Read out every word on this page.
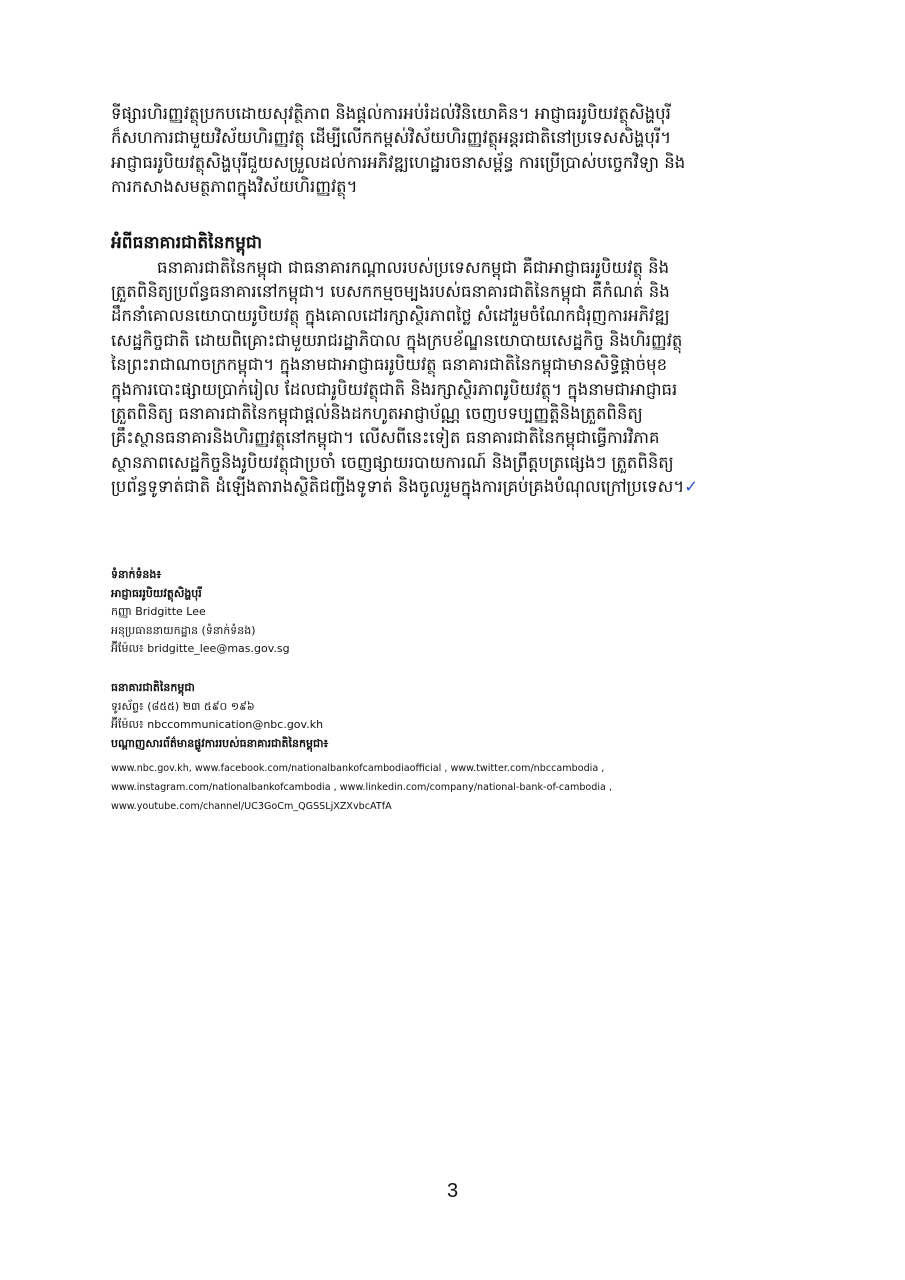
ទីផ្សារហិរញ្ញវត្ថុប្រកបដោយសុវត្ថិភាព និងផ្តល់ការអប់រំដល់វិនិយោគិន។ អាជ្ញាធររូបិយវត្ថុសិង្ហបុរី
ក៏សហការជាមួយវិស័យហិរញ្ញវត្ថុ ដើម្បីលើកកម្ពស់វិស័យហិរញ្ញវត្ថុអន្តរជាតិនៅប្រទេសសិង្ហបុរី។
អាជ្ញាធររូបិយវត្ថុសិង្ហបុរីជួយសម្រួលដល់ការអភិវឌ្ឍហេដ្ឋារចនាសម្ព័ន្ធ ការប្រើប្រាស់បច្ចេកវិទ្យា និង
ការកសាងសមត្ថភាពក្នុងវិស័យហិរញ្ញវត្ថុ។
អំពីធនាគារជាតិនៃកម្ពុជា
ធនាគារជាតិនៃកម្ពុជា ជាធនាគារកណ្តាលរបស់ប្រទេសកម្ពុជា គឺជាអាជ្ញាធររូបិយវត្ថុ និង
ត្រួតពិនិត្យប្រព័ន្ធធនាគារនៅកម្ពុជា។ បេសកកម្មចម្បងរបស់ធនាគារជាតិនៃកម្ពុជា គឺកំណត់ និង
ដឹកនាំគោលនយោបាយរូបិយវត្ថុ ក្នុងគោលដៅរក្សាស្ថិរភាពថ្លៃ សំដៅរួមចំណែកជំរុញការអភិវឌ្ឍ
សេដ្ឋកិច្ចជាតិ ដោយពិគ្រោះជាមួយរាជរដ្ឋាភិបាល ក្នុងក្របខ័ណ្ឌនយោបាយសេដ្ឋកិច្ច និងហិរញ្ញវត្ថុ
នៃព្រះរាជាណាចក្រកម្ពុជា។ ក្នុងនាមជាអាជ្ញាធររូបិយវត្ថុ ធនាគារជាតិនៃកម្ពុជាមានសិទ្ធិផ្តាច់មុខ
ក្នុងការបោះផ្សាយប្រាក់រៀល ដែលជារូបិយវត្ថុជាតិ និងរក្សាស្ថិរភាពរូបិយវត្ថុ។ ក្នុងនាមជាអាជ្ញាធរ
ត្រួតពិនិត្យ ធនាគារជាតិនៃកម្ពុជាផ្តល់និងដកហូតអាជ្ញាប័ណ្ណ ចេញបទប្បញ្ញត្តិនិងត្រួតពិនិត្យ
គ្រឹះស្ថានធនាគារនិងហិរញ្ញវត្ថុនៅកម្ពុជា។ លើសពីនេះទៀត ធនាគារជាតិនៃកម្ពុជាធ្វើការវិភាគ
ស្ថានភាពសេដ្ឋកិច្ចនិងរូបិយវត្ថុជាប្រចាំ ចេញផ្សាយរបាយការណ៍ និងព្រឹត្តបត្រផ្សេងៗ ត្រួតពិនិត្យ
ប្រព័ន្ធទូទាត់ជាតិ ដំឡើងតារាងស្ថិតិជញ្ជីងទូទាត់ និងចូលរួមក្នុងការគ្រប់គ្រងបំណុលក្រៅប្រទេស។✓
ទំនាក់ទំនង៖
អាជ្ញាធររូបិយវត្ថុសិង្ហបុរី
កញ្ញា Bridgitte Lee
អនុប្រធាននាយកដ្ឋាន (ទំនាក់ទំនង)
អ៊ីម៉ែល៖ bridgitte_lee@mas.gov.sg
ធនាគារជាតិនៃកម្ពុជា
ទូរស័ព្ទ៖ (៨៥៥) ២៣ ៥៩០ ១៩៦
អ៊ីម៉ែល៖ nbccommunication@nbc.gov.kh
បណ្តាញសារព័ត៌មានផ្លូវការរបស់ធនាគារជាតិនៃកម្ពុជា៖
www.nbc.gov.kh, www.facebook.com/nationalbankofcambodiaofficial , www.twitter.com/nbccambodia ,
www.instagram.com/nationalbankofcambodia , www.linkedin.com/company/national-bank-of-cambodia ,
www.youtube.com/channel/UC3GoCm_QGSSLjXZXvbcATfA
3
